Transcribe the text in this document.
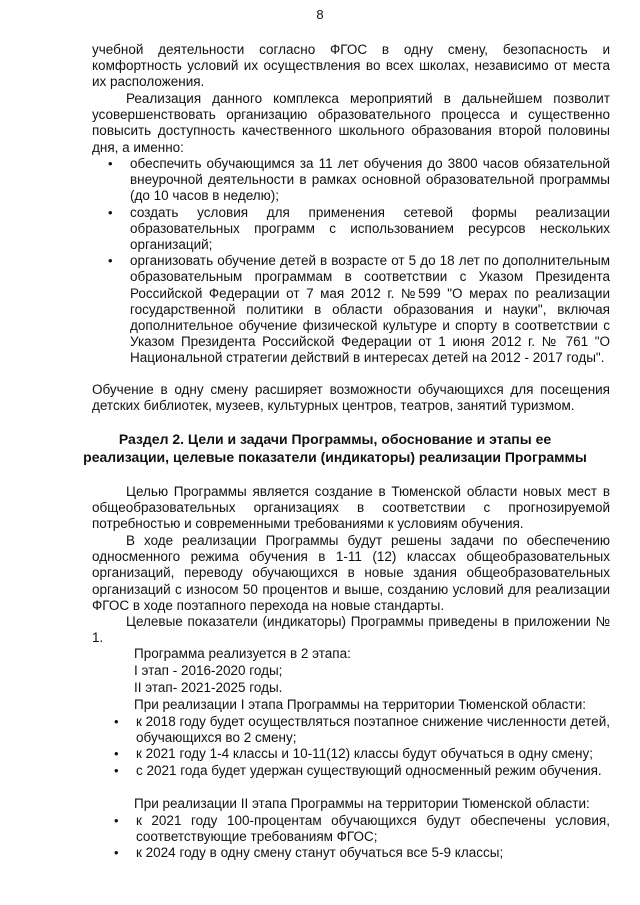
8

учебной деятельности согласно ФГОС в одну смену, безопасность и комфортность условий их осуществления во всех школах, независимо от места их расположения.

Реализация данного комплекса мероприятий в дальнейшем позволит усовершенствовать организацию образовательного процесса и существенно повысить доступность качественного школьного образования второй половины дня, а именно:

• обеспечить обучающимся за 11 лет обучения до 3800 часов обязательной внеурочной деятельности в рамках основной образовательной программы (до 10 часов в неделю);
• создать условия для применения сетевой формы реализации образовательных программ с использованием ресурсов нескольких организаций;
• организовать обучение детей в возрасте от 5 до 18 лет по дополнительным образовательным программам в соответствии с Указом Президента Российской Федерации от 7 мая 2012 г. №599 "О мерах по реализации государственной политики в области образования и науки", включая дополнительное обучение физической культуре и спорту в соответствии с Указом Президента Российской Федерации от 1 июня 2012 г. № 761 "О Национальной стратегии действий в интересах детей на 2012 - 2017 годы".

Обучение в одну смену расширяет возможности обучающихся для посещения детских библиотек, музеев, культурных центров, театров, занятий туризмом.

Раздел 2. Цели и задачи Программы, обоснование и этапы ее
реализации, целевые показатели (индикаторы) реализации Программы

Целью Программы является создание в Тюменской области новых мест в общеобразовательных организациях в соответствии с прогнозируемой потребностью и современными требованиями к условиям обучения.

В ходе реализации Программы будут решены задачи по обеспечению односменного режима обучения в 1-11 (12) классах общеобразовательных организаций, переводу обучающихся в новые здания общеобразовательных организаций с износом 50 процентов и выше, созданию условий для реализации ФГОС в ходе поэтапного перехода на новые стандарты.

Целевые показатели (индикаторы) Программы приведены в приложении № 1.

Программа реализуется в 2 этапа:
I этап - 2016-2020 годы;
II этап- 2021-2025 годы.
При реализации I этапа Программы на территории Тюменской области:
• к 2018 году будет осуществляться поэтапное снижение численности детей, обучающихся во 2 смену;
• к 2021 году 1-4 классы и 10-11(12) классы будут обучаться в одну смену;
• с 2021 года будет удержан существующий односменный режим обучения.
При реализации II этапа Программы на территории Тюменской области:
• к 2021 году 100-процентам обучающихся будут обеспечены условия, соответствующие требованиям ФГОС;
• к 2024 году в одну смену станут обучаться все 5-9 классы;
